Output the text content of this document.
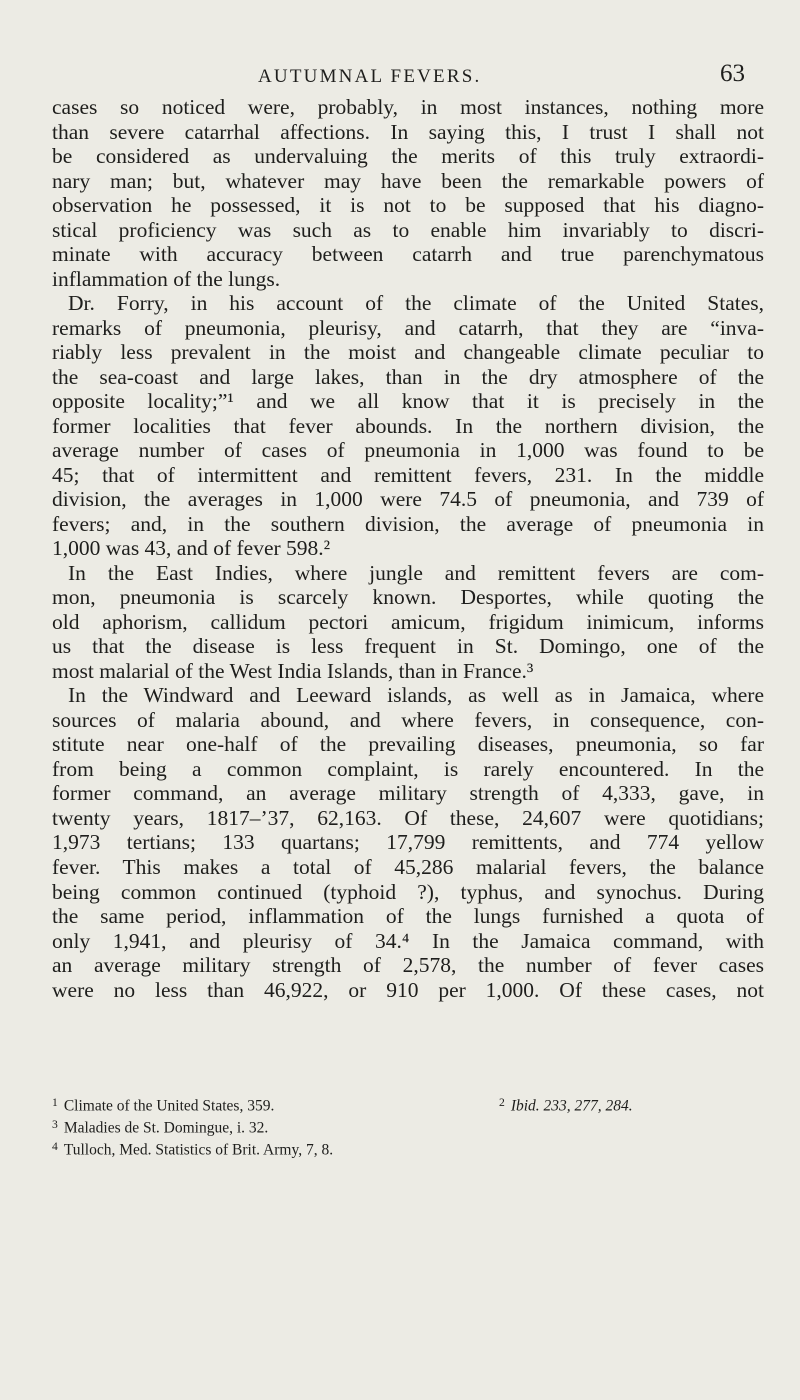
AUTUMNAL FEVERS.	63
cases so noticed were, probably, in most instances, nothing more
than severe catarrhal affections. In saying this, I trust I shall not
be considered as undervaluing the merits of this truly extraordi-
nary man; but, whatever may have been the remarkable powers of
observation he possessed, it is not to be supposed that his diagno-
stical proficiency was such as to enable him invariably to discri-
minate with accuracy between catarrh and true parenchymatous
inflammation of the lungs.
Dr. Forry, in his account of the climate of the United States,
remarks of pneumonia, pleurisy, and catarrh, that they are “inva-
riably less prevalent in the moist and changeable climate peculiar to
the sea-coast and large lakes, than in the dry atmosphere of the
opposite locality;”¹ and we all know that it is precisely in the
former localities that fever abounds. In the northern division, the
average number of cases of pneumonia in 1,000 was found to be
45; that of intermittent and remittent fevers, 231. In the middle
division, the averages in 1,000 were 74.5 of pneumonia, and 739 of
fevers; and, in the southern division, the average of pneumonia in
1,000 was 43, and of fever 598.²
In the East Indies, where jungle and remittent fevers are com-
mon, pneumonia is scarcely known. Desportes, while quoting the
old aphorism, callidum pectori amicum, frigidum inimicum, informs
us that the disease is less frequent in St. Domingo, one of the
most malarial of the West India Islands, than in France.³
In the Windward and Leeward islands, as well as in Jamaica, where
sources of malaria abound, and where fevers, in consequence, con-
stitute near one-half of the prevailing diseases, pneumonia, so far
from being a common complaint, is rarely encountered. In the
former command, an average military strength of 4,333, gave, in
twenty years, 1817–’37, 62,163. Of these, 24,607 were quotidians;
1,973 tertians; 133 quartans; 17,799 remittents, and 774 yellow
fever. This makes a total of 45,286 malarial fevers, the balance
being common continued (typhoid ?), typhus, and synochus. During
the same period, inflammation of the lungs furnished a quota of
only 1,941, and pleurisy of 34.⁴ In the Jamaica command, with
an average military strength of 2,578, the number of fever cases
were no less than 46,922, or 910 per 1,000. Of these cases, not
$^1$ Climate of the United States, 359.	$^2$ Ibid. 233, 277, 284.
$^3$ Maladies de St. Domingue, i. 32.
$^4$ Tulloch, Med. Statistics of Brit. Army, 7, 8.
